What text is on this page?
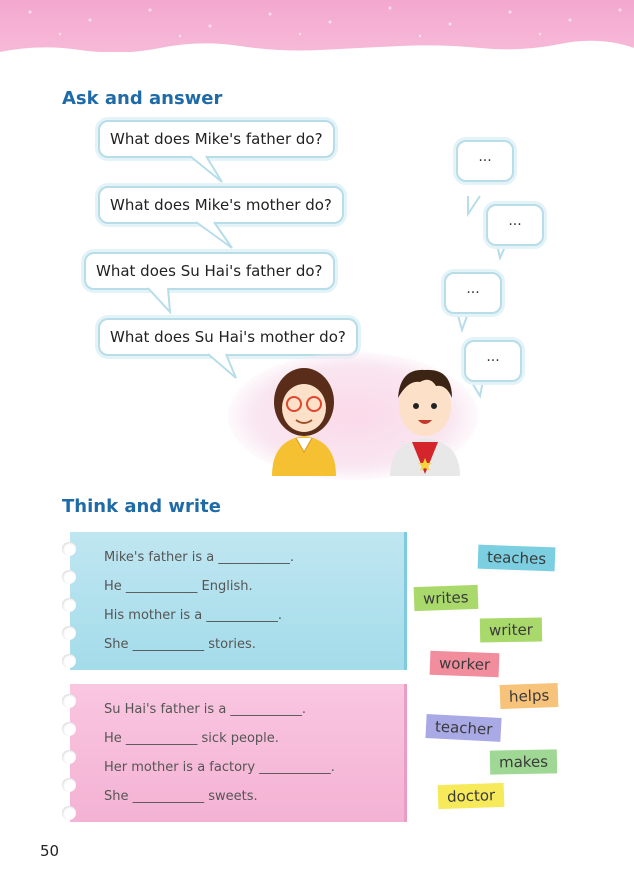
Ask and answer
What does Mike's father do?
What does Mike's mother do?
What does Su Hai's father do?
What does Su Hai's mother do?
...
...
...
...
Think and write
Mike's father is a ___________.
He ___________ English.
His mother is a ___________.
She ___________ stories.
Su Hai's father is a ___________.
He ___________ sick people.
Her mother is a factory ___________.
She ___________ sweets.
teaches
writes
writer
worker
helps
teacher
makes
doctor
50
